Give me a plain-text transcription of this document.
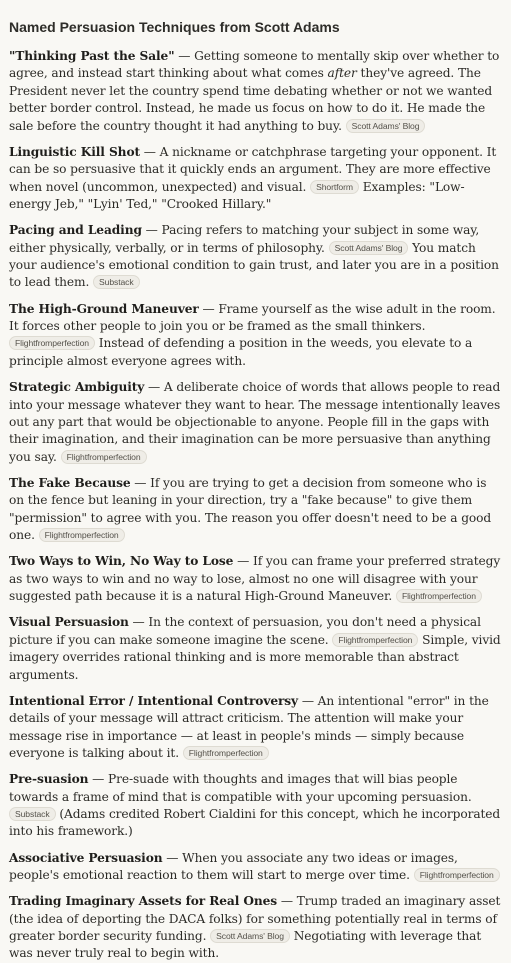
Named Persuasion Techniques from Scott Adams

"Thinking Past the Sale" — Getting someone to mentally skip over whether to agree, and instead start thinking about what comes after they've agreed. The President never let the country spend time debating whether or not we wanted better border control. Instead, he made us focus on how to do it. He made the sale before the country thought it had anything to buy. Scott Adams' Blog

Linguistic Kill Shot — A nickname or catchphrase targeting your opponent. It can be so persuasive that it quickly ends an argument. They are more effective when novel (uncommon, unexpected) and visual. Shortform Examples: "Low-energy Jeb," "Lyin' Ted," "Crooked Hillary."

Pacing and Leading — Pacing refers to matching your subject in some way, either physically, verbally, or in terms of philosophy. Scott Adams' Blog You match your audience's emotional condition to gain trust, and later you are in a position to lead them. Substack

The High-Ground Maneuver — Frame yourself as the wise adult in the room. It forces other people to join you or be framed as the small thinkers. Flightfromperfection Instead of defending a position in the weeds, you elevate to a principle almost everyone agrees with.

Strategic Ambiguity — A deliberate choice of words that allows people to read into your message whatever they want to hear. The message intentionally leaves out any part that would be objectionable to anyone. People fill in the gaps with their imagination, and their imagination can be more persuasive than anything you say. Flightfromperfection

The Fake Because — If you are trying to get a decision from someone who is on the fence but leaning in your direction, try a "fake because" to give them "permission" to agree with you. The reason you offer doesn't need to be a good one. Flightfromperfection

Two Ways to Win, No Way to Lose — If you can frame your preferred strategy as two ways to win and no way to lose, almost no one will disagree with your suggested path because it is a natural High-Ground Maneuver. Flightfromperfection

Visual Persuasion — In the context of persuasion, you don't need a physical picture if you can make someone imagine the scene. Flightfromperfection Simple, vivid imagery overrides rational thinking and is more memorable than abstract arguments.

Intentional Error / Intentional Controversy — An intentional "error" in the details of your message will attract criticism. The attention will make your message rise in importance — at least in people's minds — simply because everyone is talking about it. Flightfromperfection

Pre-suasion — Pre-suade with thoughts and images that will bias people towards a frame of mind that is compatible with your upcoming persuasion. Substack (Adams credited Robert Cialdini for this concept, which he incorporated into his framework.)

Associative Persuasion — When you associate any two ideas or images, people's emotional reaction to them will start to merge over time. Flightfromperfection

Trading Imaginary Assets for Real Ones — Trump traded an imaginary asset (the idea of deporting the DACA folks) for something potentially real in terms of greater border security funding. Scott Adams' Blog Negotiating with leverage that was never truly real to begin with.
